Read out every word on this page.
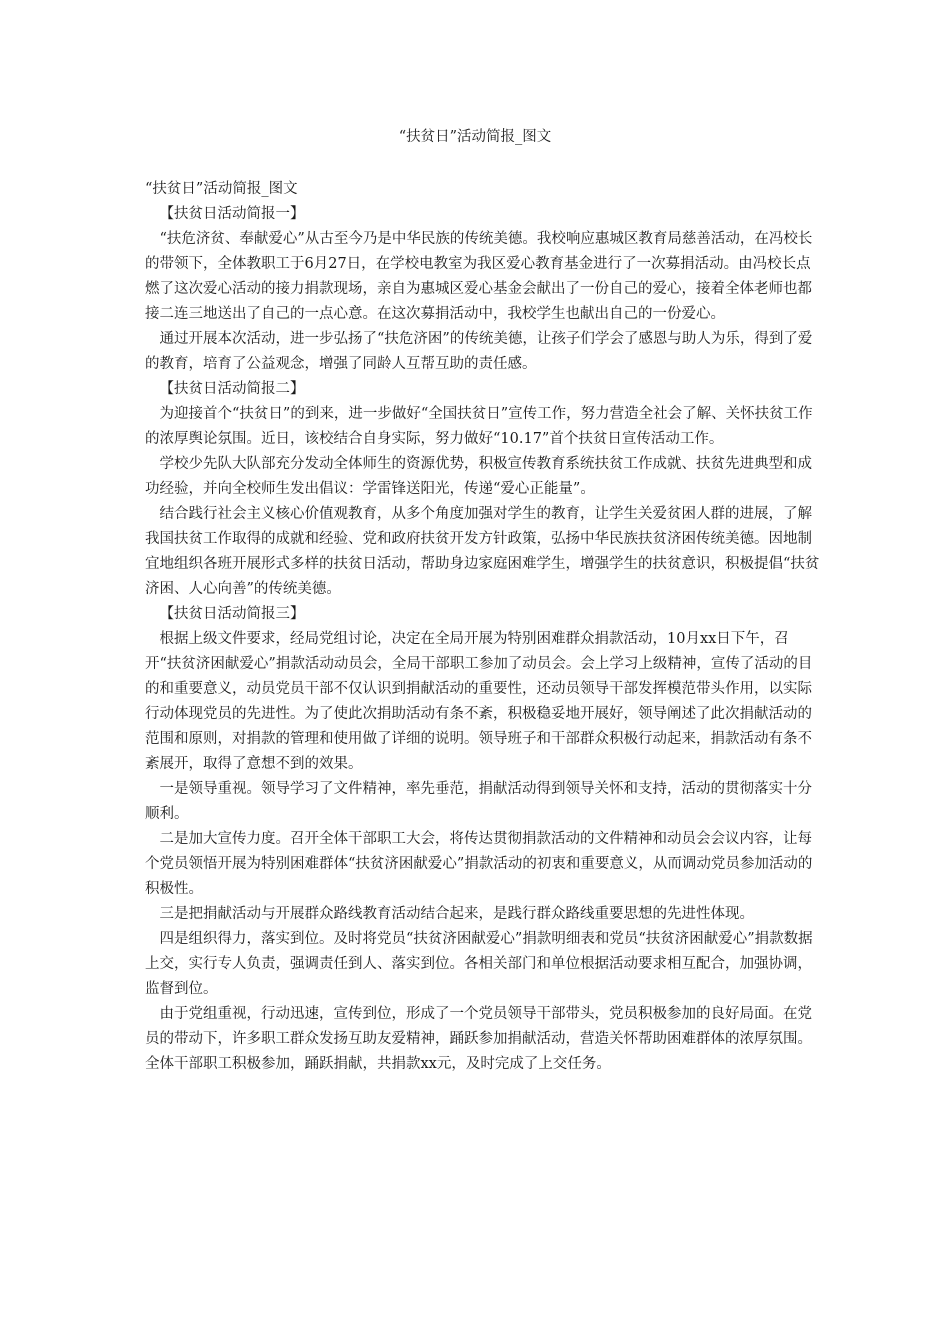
“扶贫日”活动简报_图文

“扶贫日”活动简报_图文

【扶贫日活动简报一】

“扶危济贫、奉献爱心”从古至今乃是中华民族的传统美德。我校响应惠城区教育局慈善活动，在冯校长的带领下，全体教职工于6月27日，在学校电教室为我区爱心教育基金进行了一次募捐活动。由冯校长点燃了这次爱心活动的接力捐款现场，亲自为惠城区爱心基金会献出了一份自己的爱心，接着全体老师也都接二连三地送出了自己的一点心意。在这次募捐活动中，我校学生也献出自己的一份爱心。

通过开展本次活动，进一步弘扬了“扶危济困”的传统美德，让孩子们学会了感恩与助人为乐，得到了爱的教育，培育了公益观念，增强了同龄人互帮互助的责任感。

【扶贫日活动简报二】

为迎接首个“扶贫日”的到来，进一步做好“全国扶贫日”宣传工作，努力营造全社会了解、关怀扶贫工作的浓厚舆论氛围。近日，该校结合自身实际，努力做好“10.17”首个扶贫日宣传活动工作。

学校少先队大队部充分发动全体师生的资源优势，积极宣传教育系统扶贫工作成就、扶贫先进典型和成功经验，并向全校师生发出倡议：学雷锋送阳光，传递“爱心正能量”。

结合践行社会主义核心价值观教育，从多个角度加强对学生的教育，让学生关爱贫困人群的进展，了解我国扶贫工作取得的成就和经验、党和政府扶贫开发方针政策，弘扬中华民族扶贫济困传统美德。因地制宜地组织各班开展形式多样的扶贫日活动，帮助身边家庭困难学生，增强学生的扶贫意识，积极提倡“扶贫济困、人心向善”的传统美德。

【扶贫日活动简报三】

根据上级文件要求，经局党组讨论，决定在全局开展为特别困难群众捐款活动，10月xx日下午，召开“扶贫济困献爱心”捐款活动动员会，全局干部职工参加了动员会。会上学习上级精神，宣传了活动的目的和重要意义，动员党员干部不仅认识到捐献活动的重要性，还动员领导干部发挥模范带头作用，以实际行动体现党员的先进性。为了使此次捐助活动有条不紊，积极稳妥地开展好，领导阐述了此次捐献活动的范围和原则，对捐款的管理和使用做了详细的说明。领导班子和干部群众积极行动起来，捐款活动有条不紊展开，取得了意想不到的效果。

一是领导重视。领导学习了文件精神，率先垂范，捐献活动得到领导关怀和支持，活动的贯彻落实十分顺利。

二是加大宣传力度。召开全体干部职工大会，将传达贯彻捐款活动的文件精神和动员会会议内容，让每个党员领悟开展为特别困难群体“扶贫济困献爱心”捐款活动的初衷和重要意义，从而调动党员参加活动的积极性。

三是把捐献活动与开展群众路线教育活动结合起来，是践行群众路线重要思想的先进性体现。

四是组织得力，落实到位。及时将党员“扶贫济困献爱心”捐款明细表和党员“扶贫济困献爱心”捐款数据上交，实行专人负责，强调责任到人、落实到位。各相关部门和单位根据活动要求相互配合，加强协调，监督到位。

由于党组重视，行动迅速，宣传到位，形成了一个党员领导干部带头，党员积极参加的良好局面。在党员的带动下，许多职工群众发扬互助友爱精神，踊跃参加捐献活动，营造关怀帮助困难群体的浓厚氛围。全体干部职工积极参加，踊跃捐献，共捐款xx元，及时完成了上交任务。
